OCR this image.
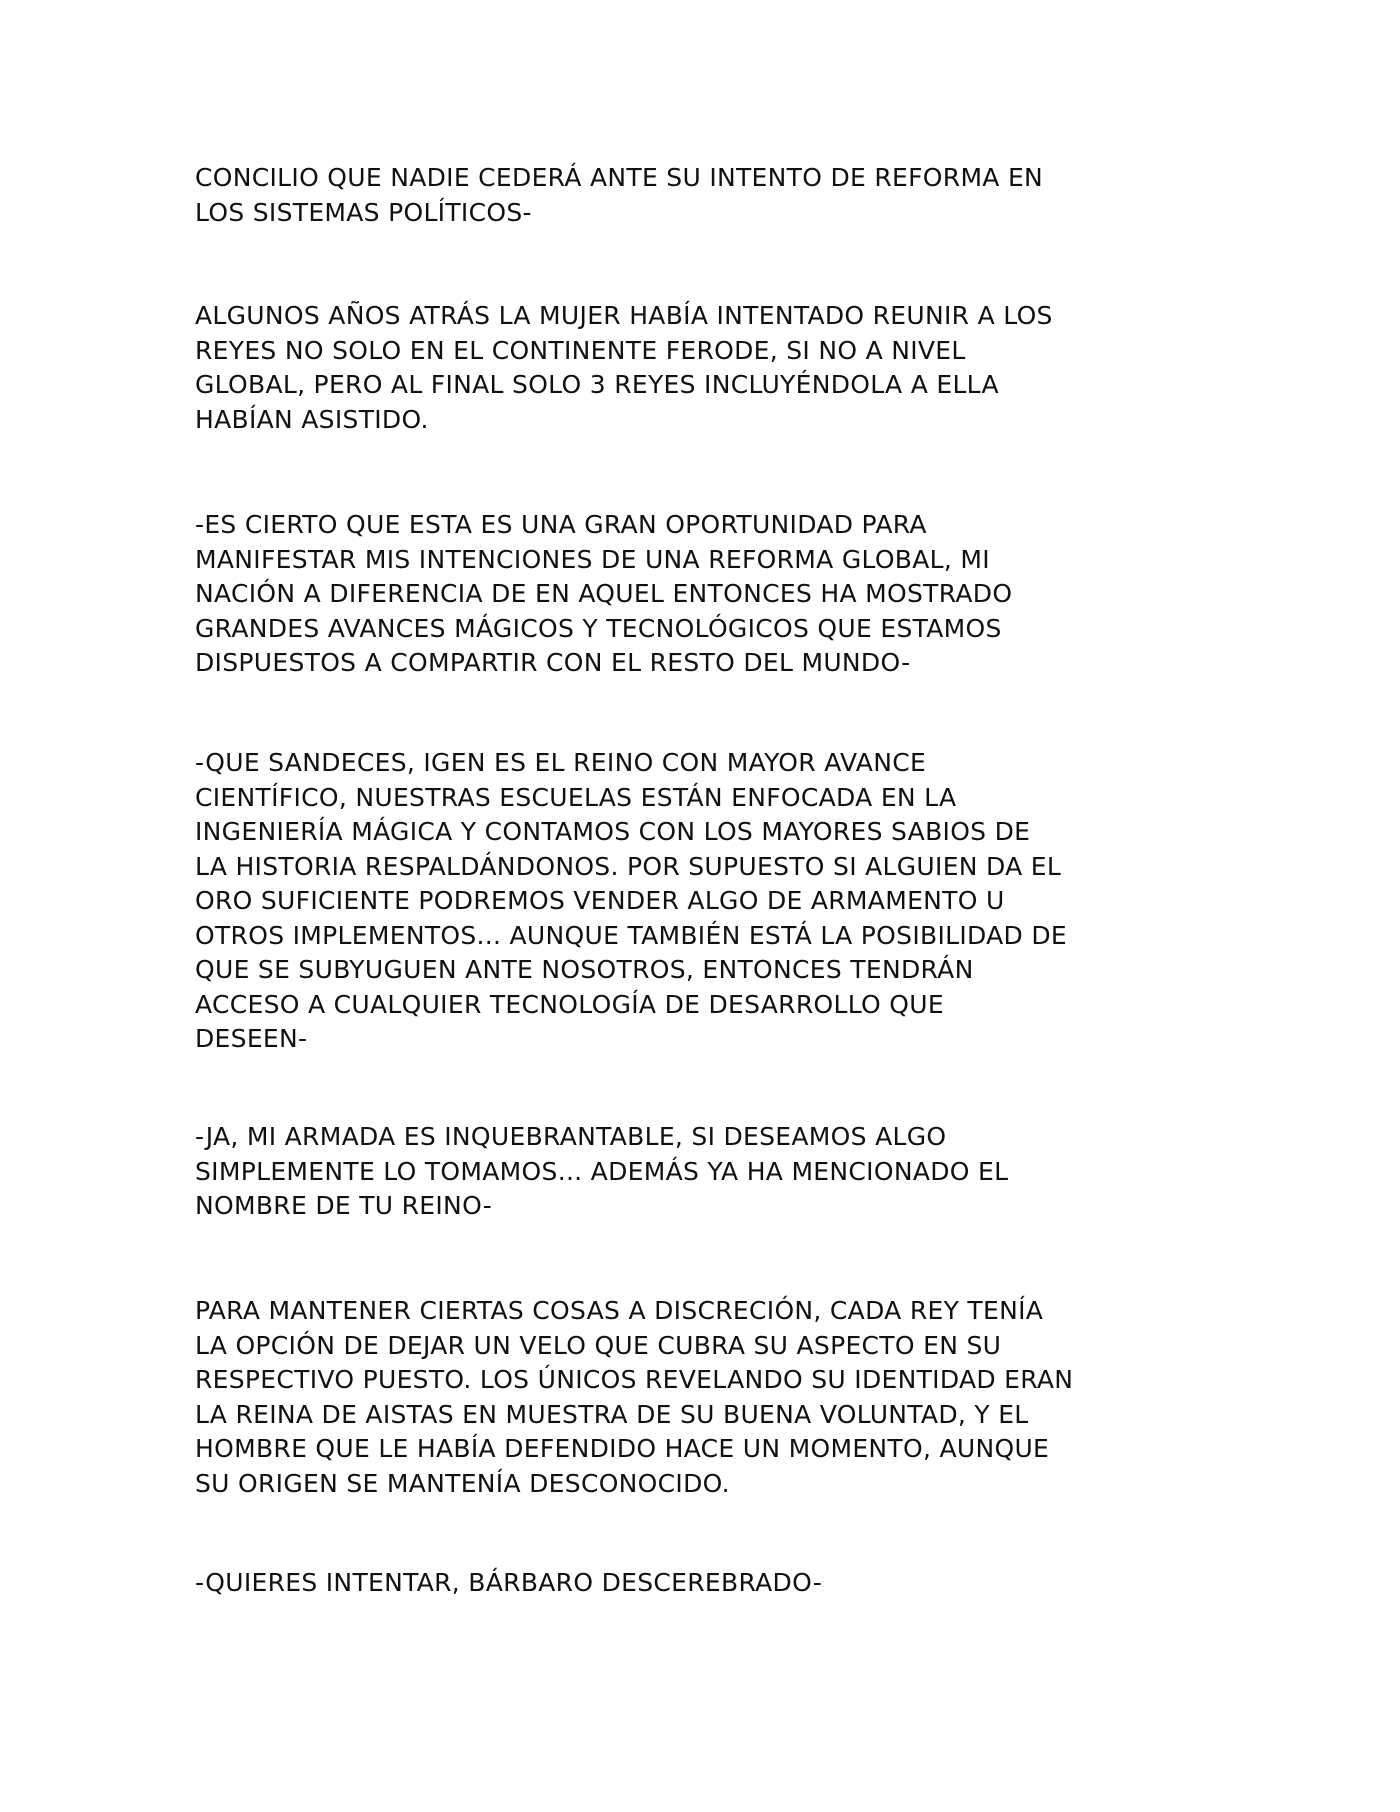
CONCILIO QUE NADIE CEDERÁ ANTE SU INTENTO DE REFORMA EN
LOS SISTEMAS POLÍTICOS-

ALGUNOS AÑOS ATRÁS LA MUJER HABÍA INTENTADO REUNIR A LOS
REYES NO SOLO EN EL CONTINENTE FERODE, SI NO A NIVEL
GLOBAL, PERO AL FINAL SOLO 3 REYES INCLUYÉNDOLA A ELLA
HABÍAN ASISTIDO.

-ES CIERTO QUE ESTA ES UNA GRAN OPORTUNIDAD PARA
MANIFESTAR MIS INTENCIONES DE UNA REFORMA GLOBAL, MI
NACIÓN A DIFERENCIA DE EN AQUEL ENTONCES HA MOSTRADO
GRANDES AVANCES MÁGICOS Y TECNOLÓGICOS QUE ESTAMOS
DISPUESTOS A COMPARTIR CON EL RESTO DEL MUNDO-

-QUE SANDECES, IGEN ES EL REINO CON MAYOR AVANCE
CIENTÍFICO, NUESTRAS ESCUELAS ESTÁN ENFOCADA EN LA
INGENIERÍA MÁGICA Y CONTAMOS CON LOS MAYORES SABIOS DE
LA HISTORIA RESPALDÁNDONOS. POR SUPUESTO SI ALGUIEN DA EL
ORO SUFICIENTE PODREMOS VENDER ALGO DE ARMAMENTO U
OTROS IMPLEMENTOS... AUNQUE TAMBIÉN ESTÁ LA POSIBILIDAD DE
QUE SE SUBYUGUEN ANTE NOSOTROS, ENTONCES TENDRÁN
ACCESO A CUALQUIER TECNOLOGÍA DE DESARROLLO QUE
DESEEN-

-JA, MI ARMADA ES INQUEBRANTABLE, SI DESEAMOS ALGO
SIMPLEMENTE LO TOMAMOS... ADEMÁS YA HA MENCIONADO EL
NOMBRE DE TU REINO-

PARA MANTENER CIERTAS COSAS A DISCRECIÓN, CADA REY TENÍA
LA OPCIÓN DE DEJAR UN VELO QUE CUBRA SU ASPECTO EN SU
RESPECTIVO PUESTO. LOS ÚNICOS REVELANDO SU IDENTIDAD ERAN
LA REINA DE AISTAS EN MUESTRA DE SU BUENA VOLUNTAD, Y EL
HOMBRE QUE LE HABÍA DEFENDIDO HACE UN MOMENTO, AUNQUE
SU ORIGEN SE MANTENÍA DESCONOCIDO.

-QUIERES INTENTAR, BÁRBARO DESCEREBRADO-
